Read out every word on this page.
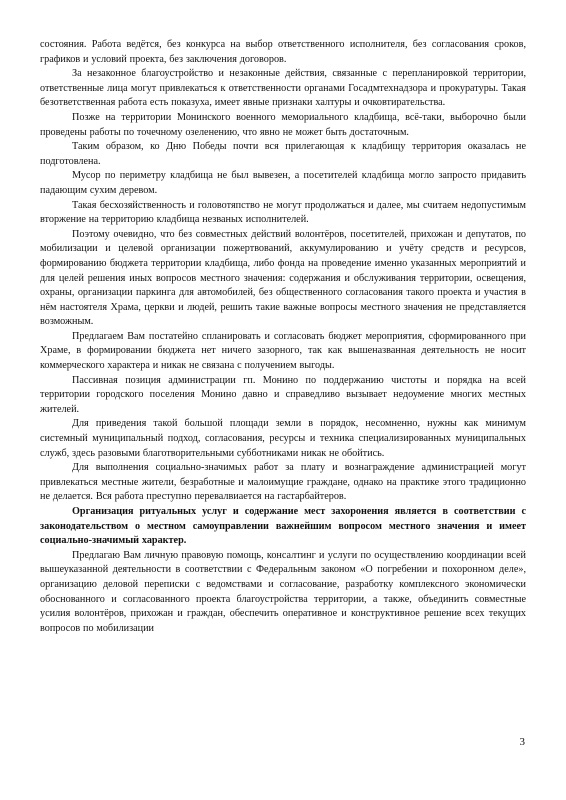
состояния. Работа ведётся, без конкурса на выбор ответственного исполнителя, без согласования сроков, графиков и условий проекта, без заключения договоров.

За незаконное благоустройство и незаконные действия, связанные с перепланировкой территории, ответственные лица могут привлекаться к ответственности органами Госадмтехнадзора и прокуратуры. Такая безответственная работа есть показуха, имеет явные признаки халтуры и очковтирательства.

Позже на территории Монинского военного мемориального кладбища, всё-таки, выборочно были проведены работы по точечному озеленению, что явно не может быть достаточным.

Таким образом, ко Дню Победы почти вся прилегающая к кладбищу территория оказалась не подготовлена.

Мусор по периметру кладбища не был вывезен, а посетителей кладбища могло запросто придавить падающим сухим деревом.

Такая бесхозяйственность и головотяпство не могут продолжаться и далее, мы считаем недопустимым вторжение на территорию кладбища незваных исполнителей.

Поэтому очевидно, что без совместных действий волонтёров, посетителей, прихожан и депутатов, по мобилизации и целевой организации пожертвований, аккумулированию и учёту средств и ресурсов, формированию бюджета территории кладбища, либо фонда на проведение именно указанных мероприятий и для целей решения иных вопросов местного значения: содержания и обслуживания территории, освещения, охраны, организации паркинга для автомобилей, без общественного согласования такого проекта и участия в нём настоятеля Храма, церкви и людей, решить такие важные вопросы местного значения не представляется возможным.

Предлагаем Вам постатейно спланировать и согласовать бюджет мероприятия, сформированного при Храме, в формировании бюджета нет ничего зазорного, так как вышеназванная деятельность не носит коммерческого характера и никак не связана с получением выгоды.

Пассивная позиция администрации гп. Монино по поддержанию чистоты и порядка на всей территории городского поселения Монино давно и справедливо вызывает недоумение многих местных жителей.

Для приведения такой большой площади земли в порядок, несомненно, нужны как минимум системный муниципальный подход, согласования, ресурсы и техника специализированных муниципальных служб, здесь разовыми благотворительными субботниками никак не обойтись.

Для выполнения социально-значимых работ за плату и вознаграждение администрацией могут привлекаться местные жители, безработные и малоимущие граждане, однако на практике этого традиционно не делается. Вся работа преступно перевалвиается на гастарбайтеров.

Организация ритуальных услуг и содержание мест захоронения является в соответствии с законодательством о местном самоуправлении важнейшим вопросом местного значения и имеет социально-значимый характер.

Предлагаю Вам личную правовую помощь, консалтинг и услуги по осуществлению координации всей вышеуказанной деятельности в соответствии с Федеральным законом «О погребении и похоронном деле», организацию деловой переписки с ведомствами и согласование, разработку комплексного экономически обоснованного и согласованного проекта благоустройства территории, а также, объединить совместные усилия волонтёров, прихожан и граждан, обеспечить оперативное и конструктивное решение всех текущих вопросов по мобилизации

3
